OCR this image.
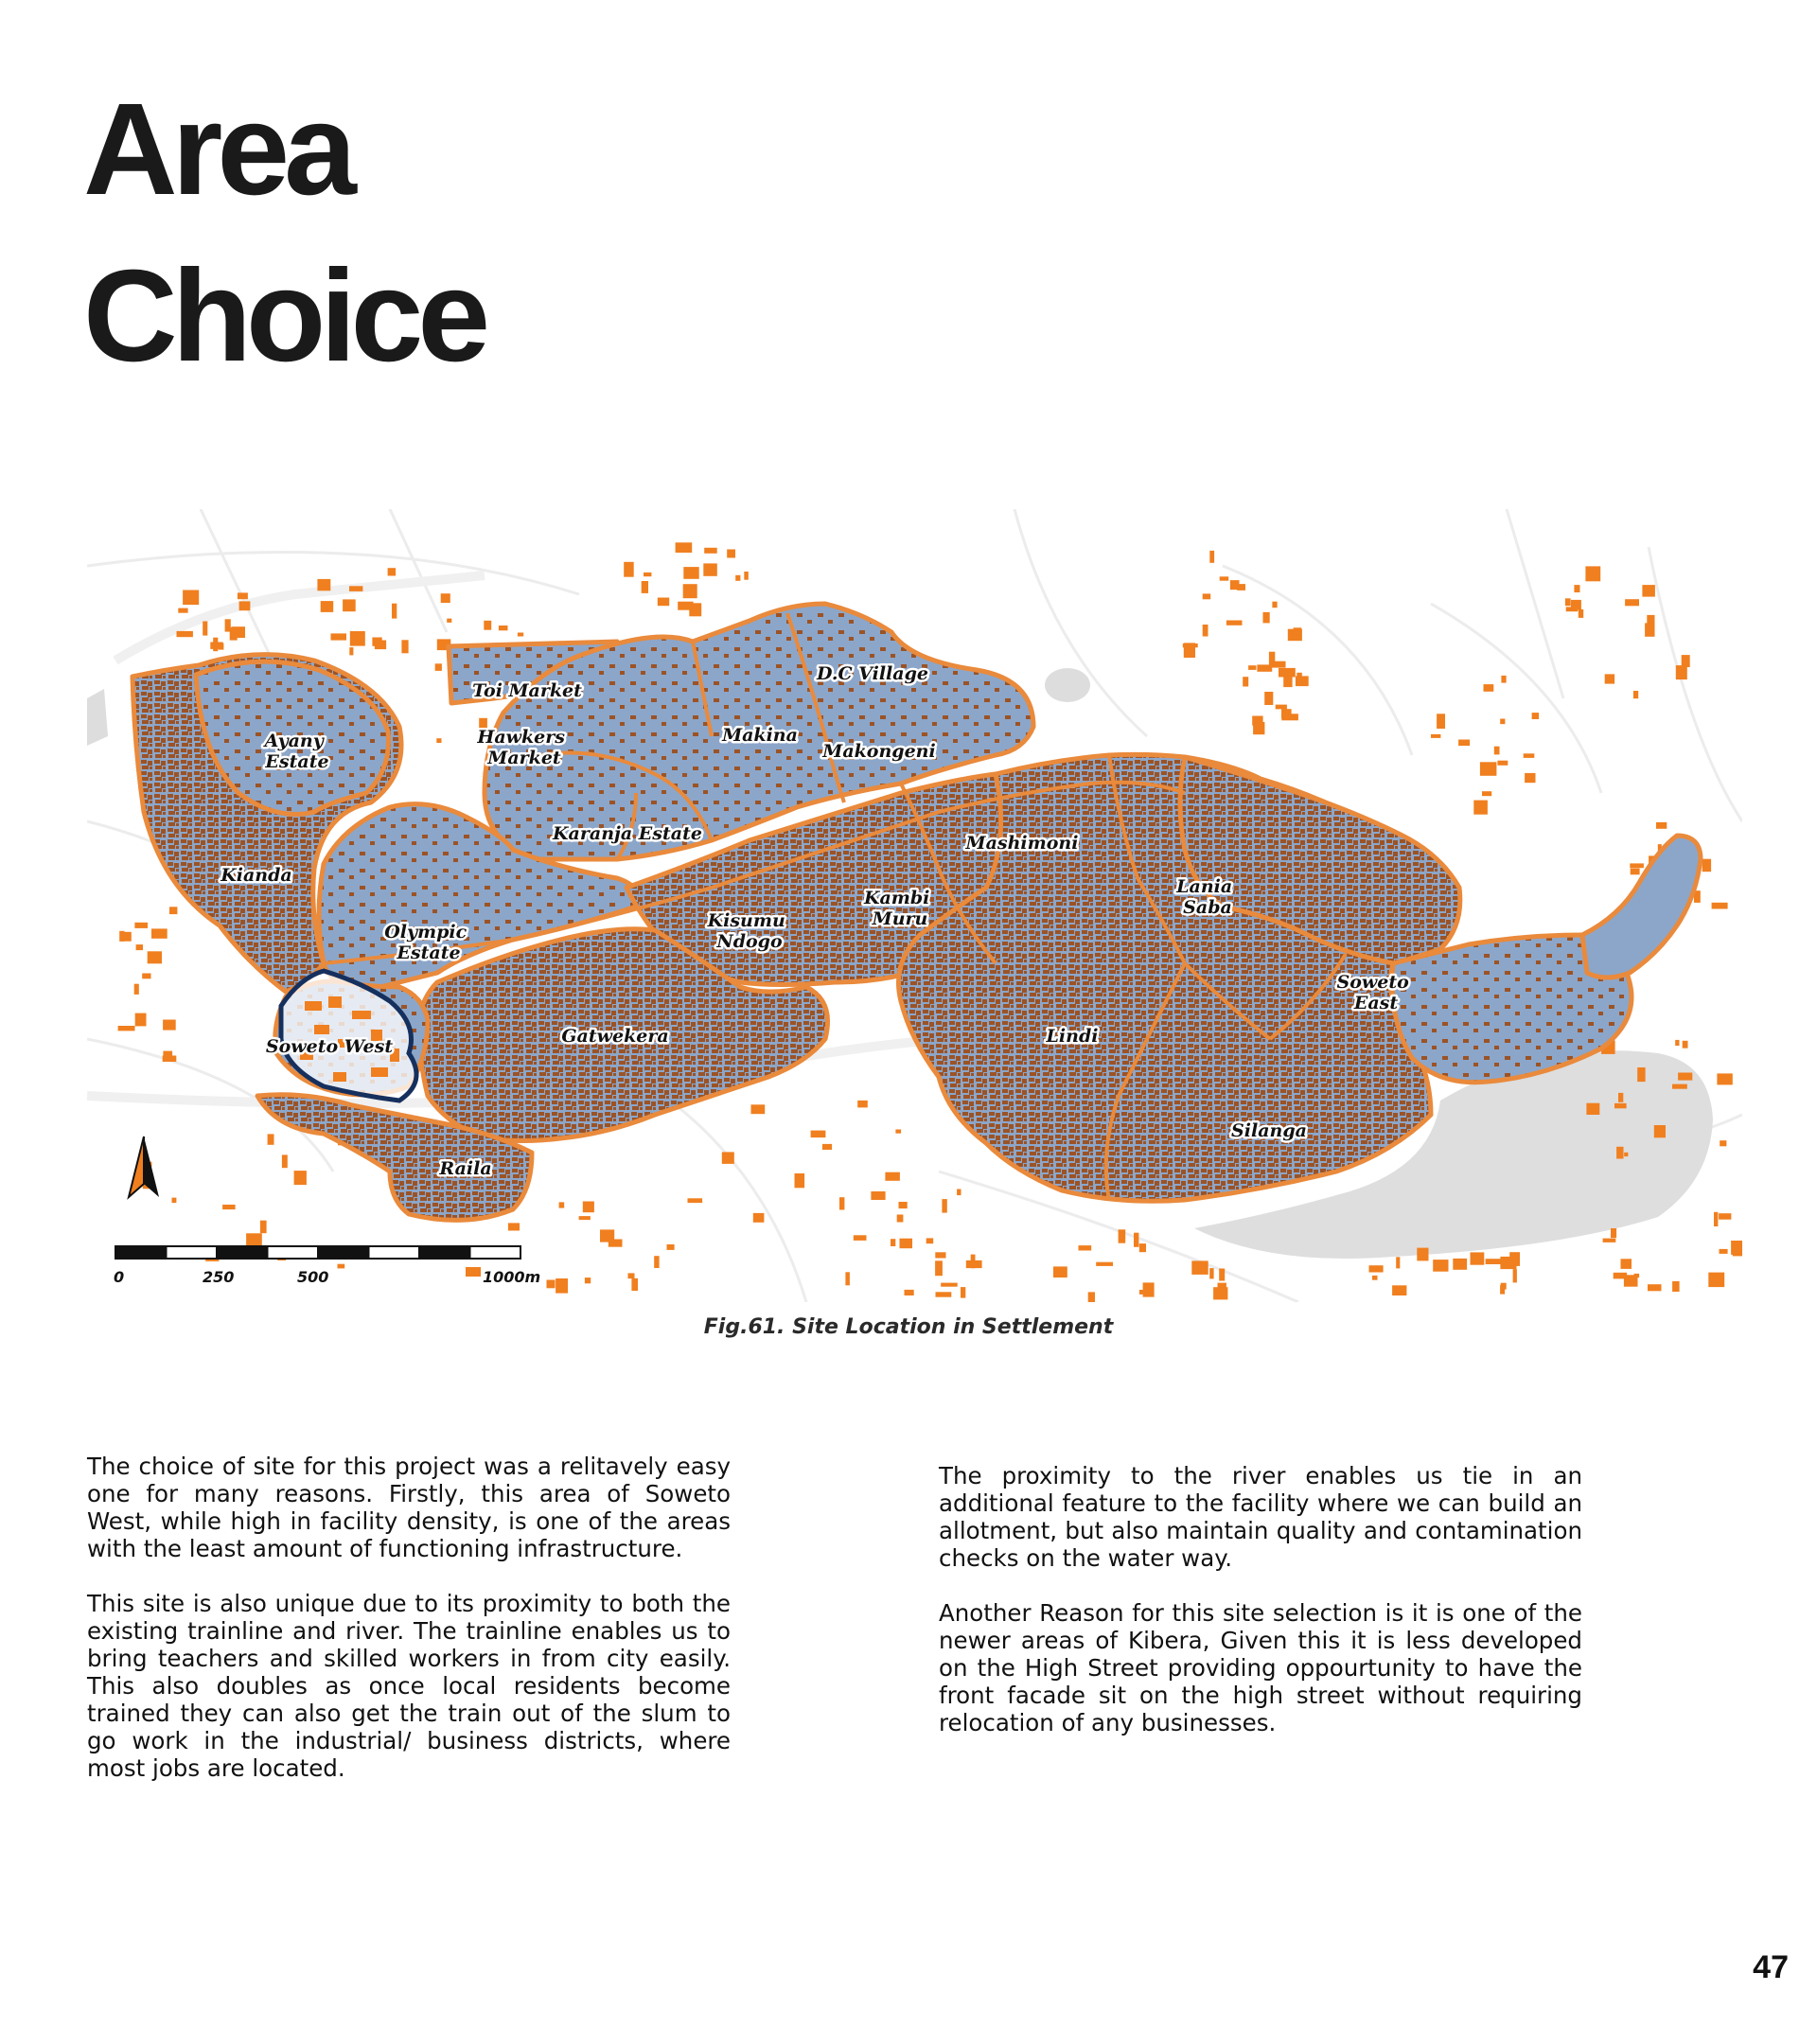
Area
Choice
Toi Market
Hawkers Market
D.C Village
Ayany Estate
Makina
Makongeni
Karanja Estate	Mashimoni
Kianda
Lania Saba
Kambi Muru
Kisumu Ndogo
Olympic Estate
Soweto East
Gatwekera	Lindi
Soweto West
Silanga
Raila
0	250	500	1000m

Fig.61. Site Location in Settlement

The choice of site for this project was a relitavely easy one for many reasons. Firstly, this area of Soweto West, while high in facility density, is one of the areas with the least amount of functioning infrastructure.

This site is also unique due to its proximity to both the existing trainline and river. The trainline enables us to bring teachers and skilled workers in from city easily. This also doubles as once local residents become trained they can also get the train out of the slum to go work in the industrial/ business districts, where most jobs are located.

The proximity to the river enables us tie in an additional feature to the facility where we can build an allotment, but also maintain quality and contamination checks on the water way.

Another Reason for this site selection is it is one of the newer areas of Kibera, Given this it is less developed on the High Street providing oppourtunity to have the front facade sit on the high street without requiring relocation of any businesses.

47
